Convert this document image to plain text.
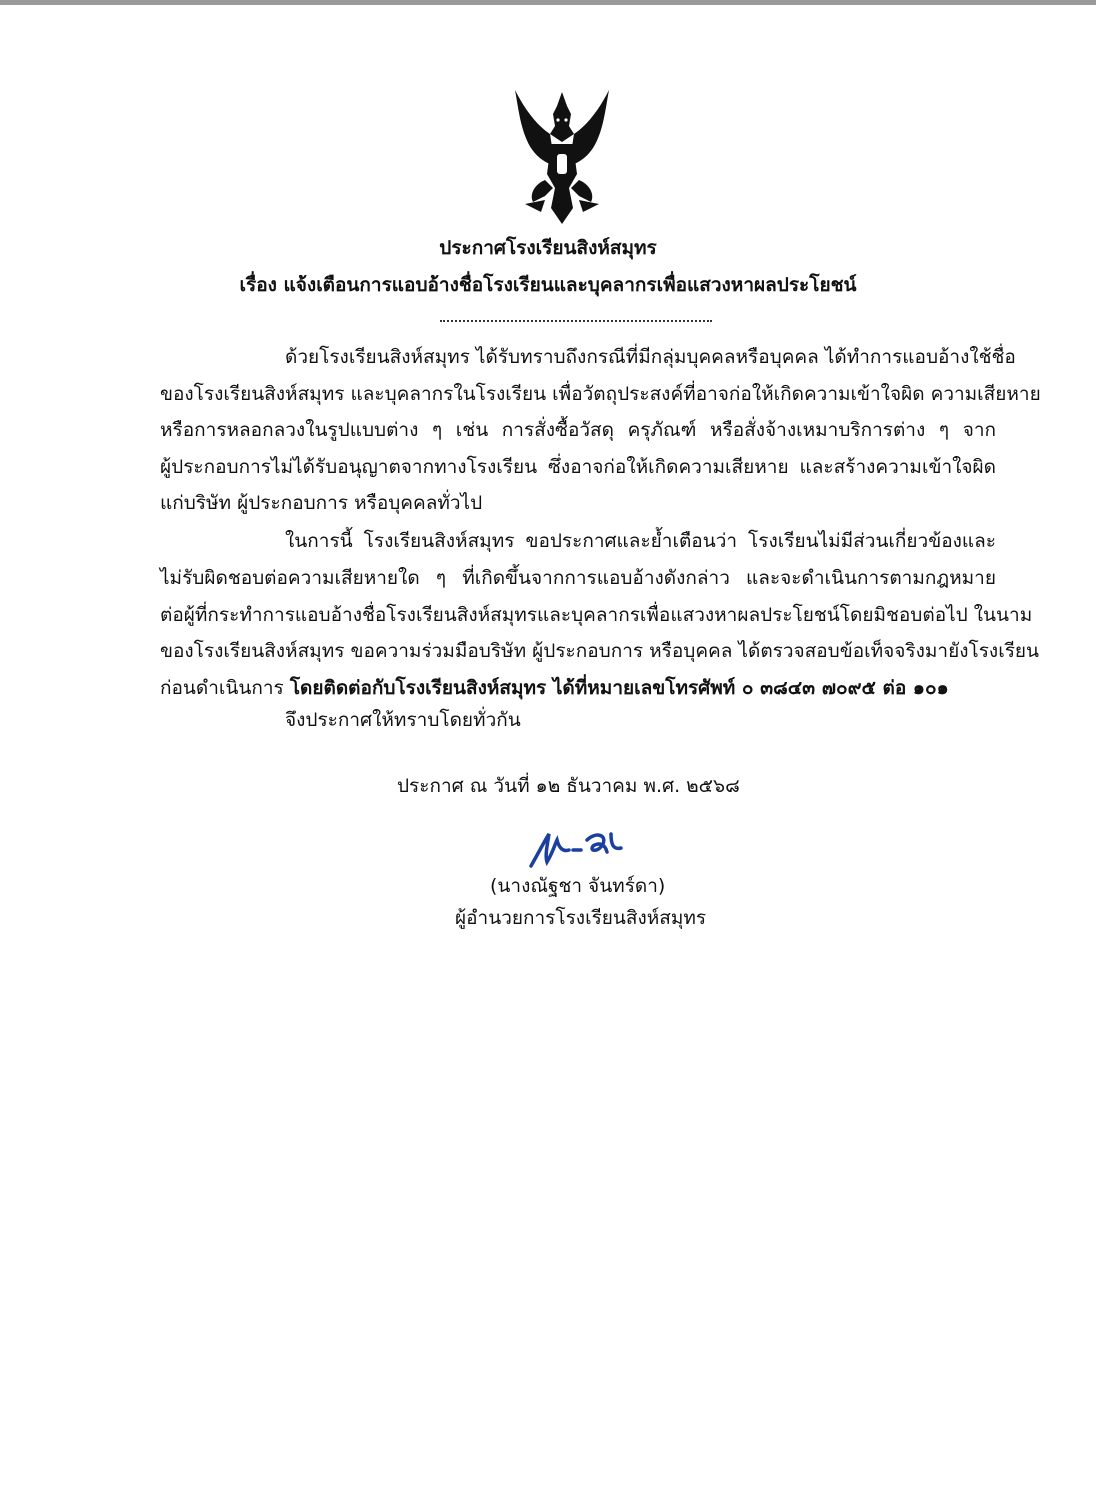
ประกาศโรงเรียนสิงห์สมุทร
เรื่อง แจ้งเตือนการแอบอ้างชื่อโรงเรียนและบุคลากรเพื่อแสวงหาผลประโยชน์
ด้วยโรงเรียนสิงห์สมุทร ได้รับทราบถึงกรณีที่มีกลุ่มบุคคลหรือบุคคล ได้ทำการแอบอ้างใช้ชื่อ
ของโรงเรียนสิงห์สมุทร และบุคลากรในโรงเรียน เพื่อวัตถุประสงค์ที่อาจก่อให้เกิดความเข้าใจผิด ความเสียหาย
หรือการหลอกลวงในรูปแบบต่าง ๆ เช่น การสั่งซื้อวัสดุ ครุภัณฑ์ หรือสั่งจ้างเหมาบริการต่าง ๆ จาก
ผู้ประกอบการไม่ได้รับอนุญาตจากทางโรงเรียน ซึ่งอาจก่อให้เกิดความเสียหาย และสร้างความเข้าใจผิด
แก่บริษัท ผู้ประกอบการ หรือบุคคลทั่วไป
ในการนี้ โรงเรียนสิงห์สมุทร ขอประกาศและย้ำเตือนว่า โรงเรียนไม่มีส่วนเกี่ยวข้องและ
ไม่รับผิดชอบต่อความเสียหายใด ๆ ที่เกิดขึ้นจากการแอบอ้างดังกล่าว และจะดำเนินการตามกฎหมาย
ต่อผู้ที่กระทำการแอบอ้างชื่อโรงเรียนสิงห์สมุทรและบุคลากรเพื่อแสวงหาผลประโยชน์โดยมิชอบต่อไป ในนาม
ของโรงเรียนสิงห์สมุทร ขอความร่วมมือบริษัท ผู้ประกอบการ หรือบุคคล ได้ตรวจสอบข้อเท็จจริงมายังโรงเรียน
ก่อนดำเนินการ โดยติดต่อกับโรงเรียนสิงห์สมุทร ได้ที่หมายเลขโทรศัพท์ ๐ ๓๘๔๓ ๗๐๙๕ ต่อ ๑๐๑
จึงประกาศให้ทราบโดยทั่วกัน
ประกาศ ณ วันที่ ๑๒ ธันวาคม พ.ศ. ๒๕๖๘
(นางณัฐชา จันทร์ดา)
ผู้อำนวยการโรงเรียนสิงห์สมุทร
